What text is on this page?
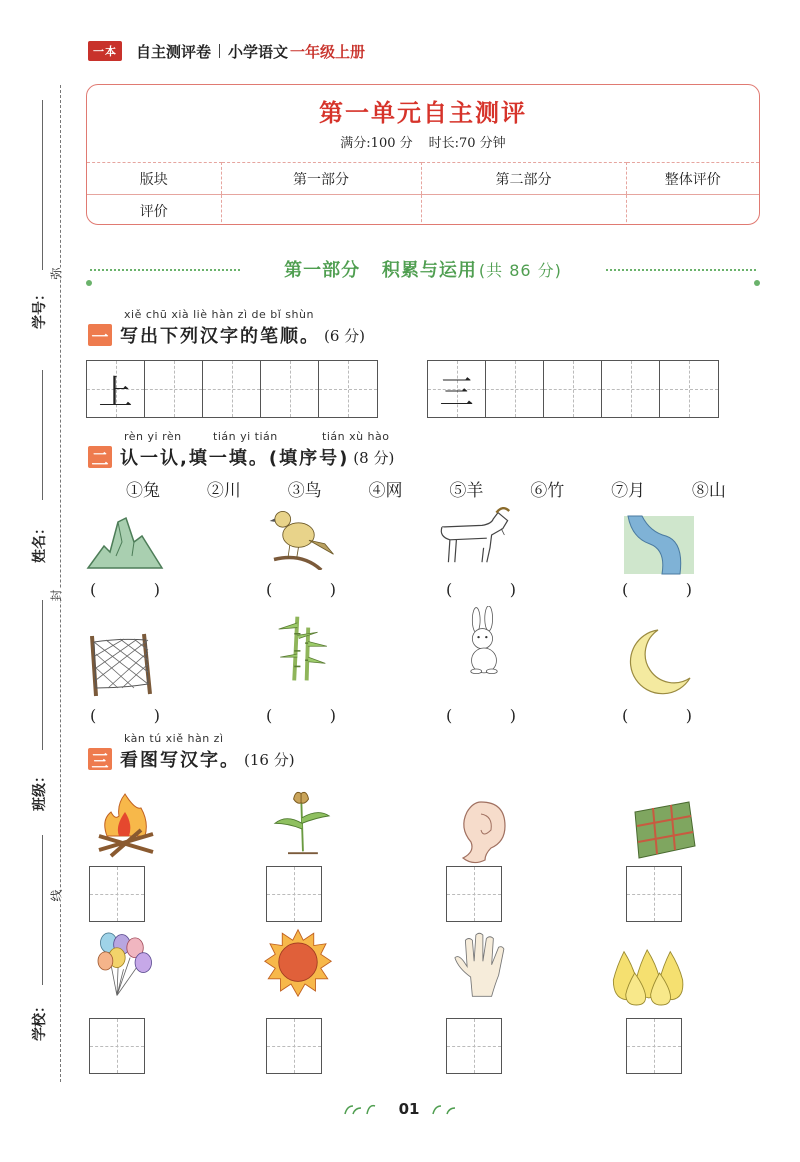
一本	自主测评卷 小学语文 一年级上册
弥
封
线
学号：
姓名：
班级：
学校：
第一单元自主测评
满分:100 分 时长:70 分钟
版块	第一部分	第二部分	整体评价
评价			
第一部分 积累与运用 (共 86 分)
xiě chū xià liè hàn zì de bǐ shùn
一 写出下列汉字的笔顺。 (6 分)
上	三
rèn yi rèn	tián yi tián	tián xù hào
二 认一认,填一填。(填序号) (8 分)
①兔	②川	③鸟	④网	⑤羊	⑥竹	⑦月	⑧山
(	)	(	)	(	)	(	)
(	)	(	)	(	)	(	)
kàn tú xiě hàn zì
三 看图写汉字。 (16 分)
01
